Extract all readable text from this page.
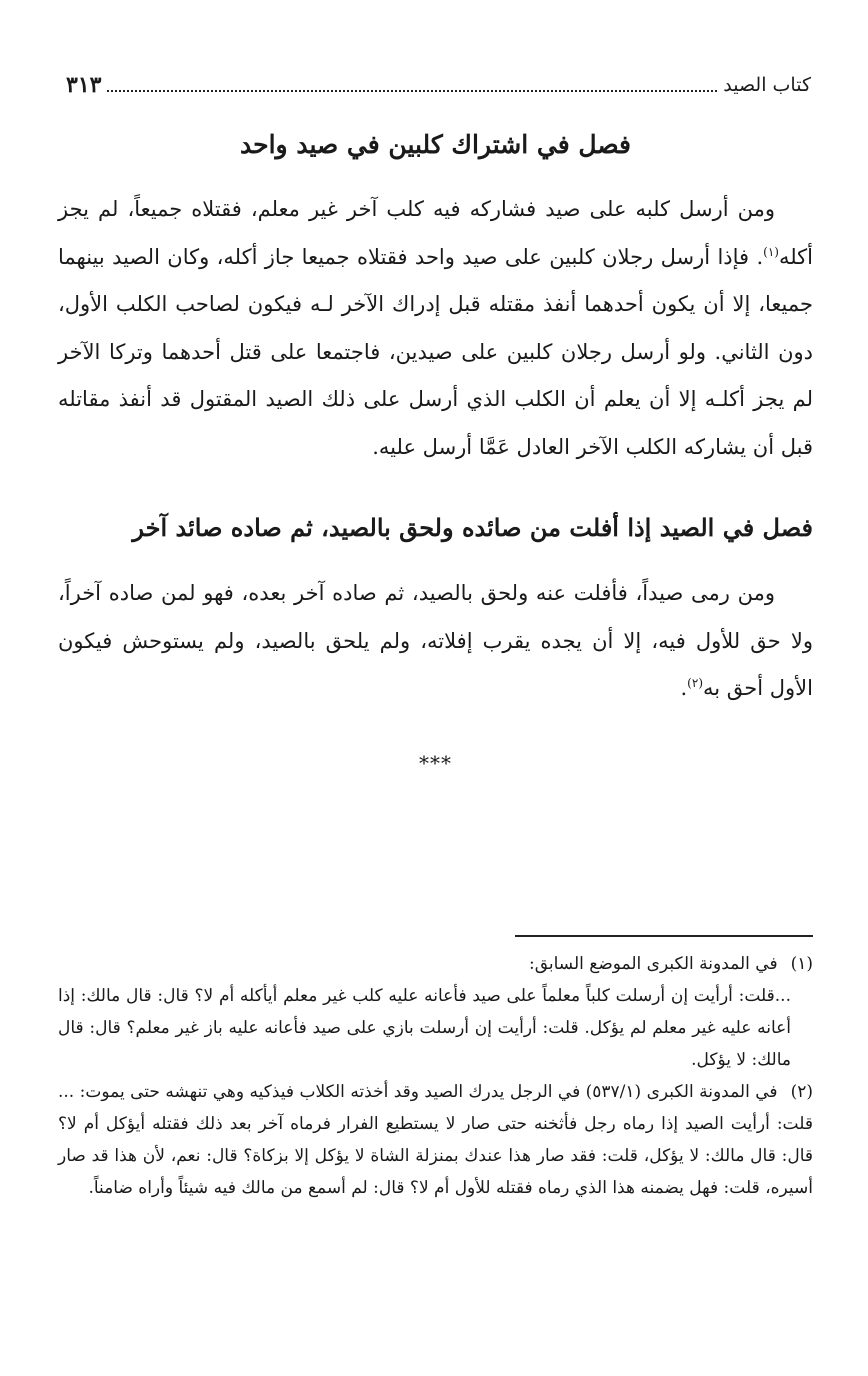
كتاب الصيد
٣١٣
فصل في اشتراك كلبين في صيد واحد

ومن أرسل كلبه على صيد فشاركه فيه كلب آخر غير معلم، فقتلاه جميعاً، لم يجز أكله$^{(١)}$. فإذا أرسل رجلان كلبين على صيد واحد فقتلاه جميعا جاز أكله، وكان الصيد بينهما جميعا، إلا أن يكون أحدهما أنفذ مقتله قبل إدراك الآخر لـه فيكون لصاحب الكلب الأول، دون الثاني. ولو أرسل رجلان كلبين على صيدين، فاجتمعا على قتل أحدهما وتركا الآخر لم يجز أكلـه إلا أن يعلم أن الكلب الذي أرسل على ذلك الصيد المقتول قد أنفذ مقاتله قبل أن يشاركه الكلب الآخر العادل عَمَّا أرسل عليه.

فصل في الصيد إذا أفلت من صائده ولحق بالصيد، ثم صاده صائد آخر

ومن رمى صيداً، فأفلت عنه ولحق بالصيد، ثم صاده آخر بعده، فهو لمن صاده آخراً، ولا حق للأول فيه، إلا أن يجده يقرب إفلاته، ولم يلحق بالصيد، ولم يستوحش فيكون الأول أحق به$^{(٢)}$.

***
(١) في المدونة الكبرى الموضع السابق:
...قلت: أرأيت إن أرسلت كلباً معلماً على صيد فأعانه عليه كلب غير معلم أيأكله أم لا؟ قال: قال مالك: إذا أعانه عليه غير معلم لم يؤكل. قلت: أرأيت إن أرسلت بازي على صيد فأعانه عليه باز غير معلم؟ قال: قال مالك: لا يؤكل.
(٢) في المدونة الكبرى (٥٣٧/١) في الرجل يدرك الصيد وقد أخذته الكلاب فيذكيه وهي تنهشه حتى يموت: ... قلت: أرأيت الصيد إذا رماه رجل فأثخنه حتى صار لا يستطيع الفرار فرماه آخر بعد ذلك فقتله أيؤكل أم لا؟ قال: قال مالك: لا يؤكل، قلت: فقد صار هذا عندك بمنزلة الشاة لا يؤكل إلا بزكاة؟ قال: نعم، لأن هذا قد صار أسيره، قلت: فهل يضمنه هذا الذي رماه فقتله للأول أم لا؟ قال: لم أسمع من مالك فيه شيئاً وأراه ضامناً.
